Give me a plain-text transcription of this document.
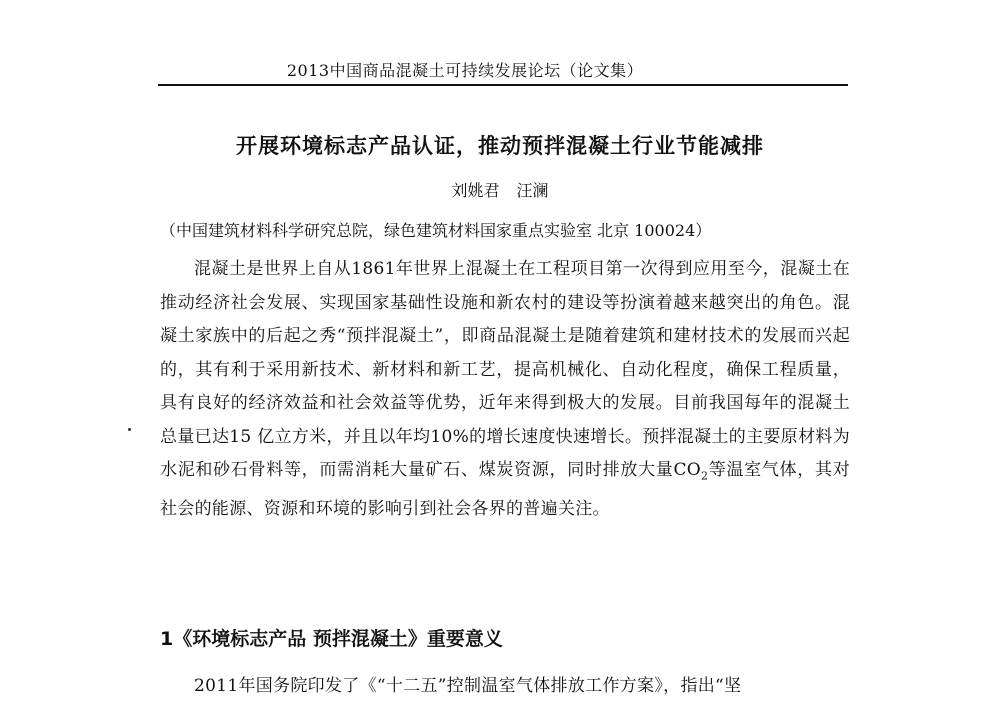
2013中国商品混凝土可持续发展论坛（论文集）
开展环境标志产品认证，推动预拌混凝土行业节能减排
刘姚君 汪澜
（中国建筑材料科学研究总院，绿色建筑材料国家重点实验室 北京 100024）

混凝土是世界上自从1861年世界上混凝土在工程项目第一次得到应用至今，混凝土在推动经济社会发展、实现国家基础性设施和新农村的建设等扮演着越来越突出的角色。混凝土家族中的后起之秀“预拌混凝土”，即商品混凝土是随着建筑和建材技术的发展而兴起的，其有利于采用新技术、新材料和新工艺，提高机械化、自动化程度，确保工程质量，具有良好的经济效益和社会效益等优势，近年来得到极大的发展。目前我国每年的混凝土总量已达15 亿立方米，并且以年均10%的增长速度快速增长。预拌混凝土的主要原材料为水泥和砂石骨料等，而需消耗大量矿石、煤炭资源，同时排放大量$CO_2$等温室气体，其对社会的能源、资源和环境的影响引到社会各界的普遍关注。

1《环境标志产品 预拌混凝土》重要意义

2011年国务院印发了《“十二五”控制温室气体排放工作方案》，指出“坚
